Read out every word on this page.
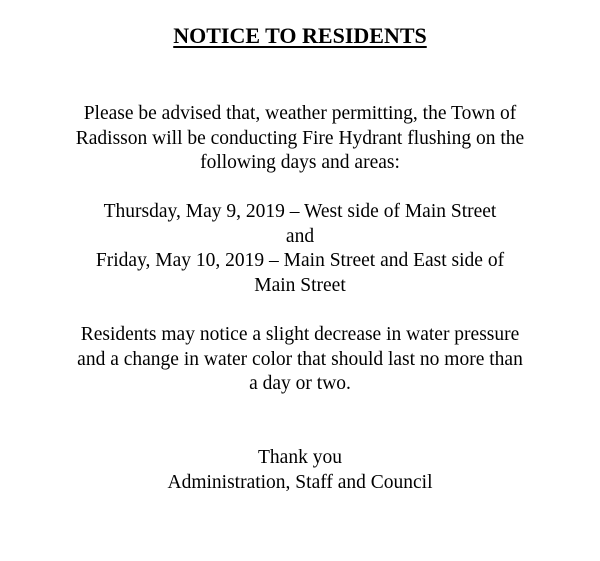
NOTICE TO RESIDENTS
Please be advised that, weather permitting, the Town of
Radisson will be conducting Fire Hydrant flushing on the
following days and areas:
Thursday, May 9, 2019 – West side of Main Street
and
Friday, May 10, 2019 – Main Street and East side of
Main Street
Residents may notice a slight decrease in water pressure
and a change in water color that should last no more than
a day or two.
Thank you
Administration, Staff and Council
